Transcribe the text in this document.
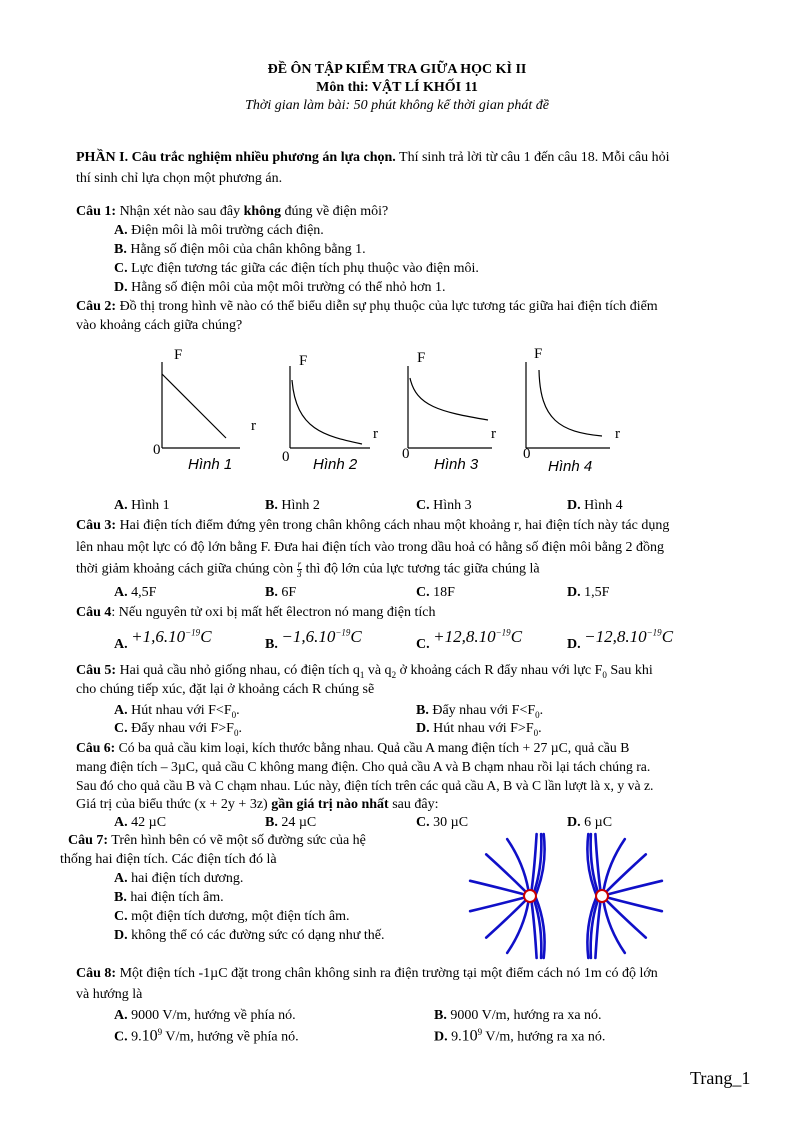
ĐỀ ÔN TẬP KIỂM TRA GIỮA HỌC KÌ II
Môn thi: VẬT LÍ KHỐI 11
Thời gian làm bài: 50 phút không kể thời gian phát đề
PHẦN I. Câu trắc nghiệm nhiều phương án lựa chọn. Thí sinh trả lời từ câu 1 đến câu 18. Mỗi câu hỏi
thí sinh chỉ lựa chọn một phương án.
Câu 1: Nhận xét nào sau đây không đúng về điện môi?
A. Điện môi là môi trường cách điện.
B. Hằng số điện môi của chân không bằng 1.
C. Lực điện tương tác giữa các điện tích phụ thuộc vào điện môi.
D. Hằng số điện môi của một môi trường có thể nhỏ hơn 1.
Câu 2: Đồ thị trong hình vẽ nào có thể biểu diễn sự phụ thuộc của lực tương tác giữa hai điện tích điểm
vào khoảng cách giữa chúng?
F
r
0
Hình 1
F
r
0 Hình 2
F
r
0
Hình 3
F
r
0
Hình 4
A. Hình 1	B. Hình 2	C. Hình 3	D. Hình 4
Câu 3: Hai điện tích điểm đứng yên trong chân không cách nhau một khoảng r, hai điện tích này tác dụng
lên nhau một lực có độ lớn bằng F. Đưa hai điện tích vào trong dầu hoả có hằng số điện môi bằng 2 đồng
thời giảm khoảng cách giữa chúng còn $\frac{r}{3}$ thì độ lớn của lực tương tác giữa chúng là
A. 4,5F	B. 6F	C. 18F	D. 1,5F
Câu 4: Nếu nguyên tử oxi bị mất hết êlectron nó mang điện tích
A. $+1,6.10^{-19}C$	B. $-1,6.10^{-19}C$	C. $+12,8.10^{-19}C$	D. $-12,8.10^{-19}C$
Câu 5: Hai quả cầu nhỏ giống nhau, có điện tích $q_1$ và $q_2$ ở khoảng cách R đẩy nhau với lực $F_0$ Sau khi
cho chúng tiếp xúc, đặt lại ở khoảng cách R chúng sẽ
A. Hút nhau với $F<F_0$.	B. Đẩy nhau với $F<F_0$.
C. Đẩy nhau với $F>F_0$.	D. Hút nhau với $F>F_0$.
Câu 6: Có ba quả cầu kim loại, kích thước bằng nhau. Quả cầu A mang điện tích + 27 µC, quả cầu B
mang điện tích – 3µC, quả cầu C không mang điện. Cho quả cầu A và B chạm nhau rồi lại tách chúng ra.
Sau đó cho quả cầu B và C chạm nhau. Lúc này, điện tích trên các quả cầu A, B và C lần lượt là x, y và z.
Giá trị của biểu thức (x + 2y + 3z) gần giá trị nào nhất sau đây:
A. 42 µC	B. 24 µC	C. 30 µC	D. 6 µC
Câu 7: Trên hình bên có vẽ một số đường sức của hệ
thống hai điện tích. Các điện tích đó là
A. hai điện tích dương.
B. hai điện tích âm.
C. một điện tích dương, một điện tích âm.
D. không thể có các đường sức có dạng như thế.
Câu 8: Một điện tích -1µC đặt trong chân không sinh ra điện trường tại một điểm cách nó 1m có độ lớn
và hướng là
A. 9000 V/m, hướng về phía nó.	B. 9000 V/m, hướng ra xa nó.
C. 9.10$^9$ V/m, hướng về phía nó.	D. 9.10$^9$ V/m, hướng ra xa nó.
Trang_1
